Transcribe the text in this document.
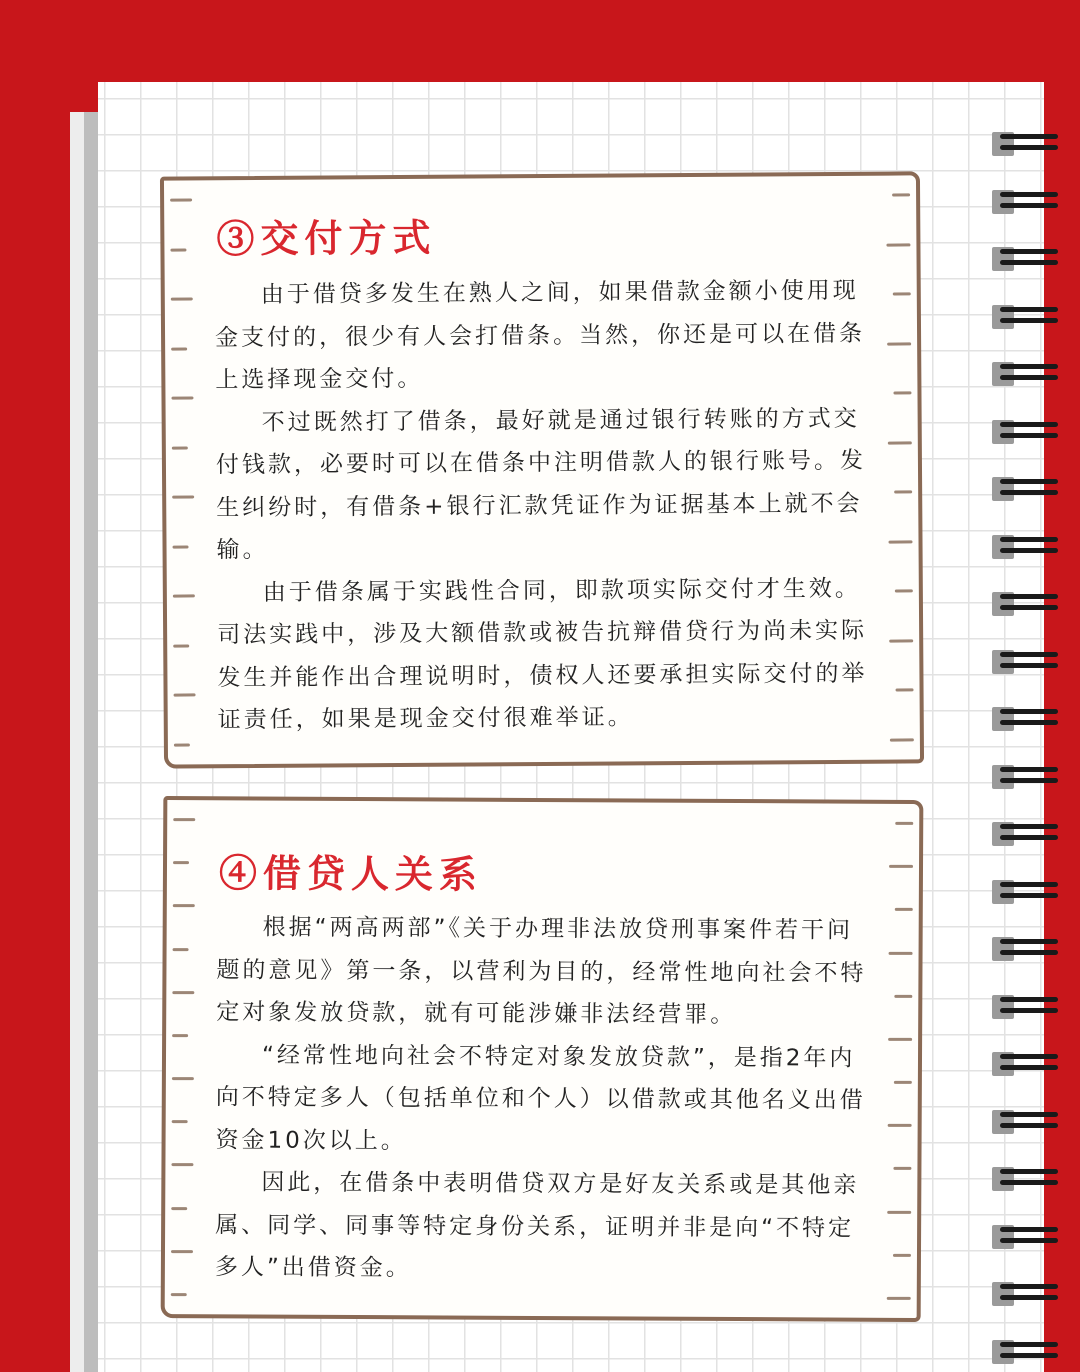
③交付方式

由于借贷多发生在熟人之间，如果借款金额小使用现金支付的，很少有人会打借条。当然，你还是可以在借条上选择现金交付。

不过既然打了借条，最好就是通过银行转账的方式交付钱款，必要时可以在借条中注明借款人的银行账号。发生纠纷时，有借条+银行汇款凭证作为证据基本上就不会输。

由于借条属于实践性合同，即款项实际交付才生效。司法实践中，涉及大额借款或被告抗辩借贷行为尚未实际发生并能作出合理说明时，债权人还要承担实际交付的举证责任，如果是现金交付很难举证。

④借贷人关系

根据“两高两部”《关于办理非法放贷刑事案件若干问题的意见》第一条，以营利为目的，经常性地向社会不特定对象发放贷款，就有可能涉嫌非法经营罪。

“经常性地向社会不特定对象发放贷款”，是指2年内向不特定多人（包括单位和个人）以借款或其他名义出借资金10次以上。

因此，在借条中表明借贷双方是好友关系或是其他亲属、同学、同事等特定身份关系，证明并非是向“不特定多人”出借资金。
